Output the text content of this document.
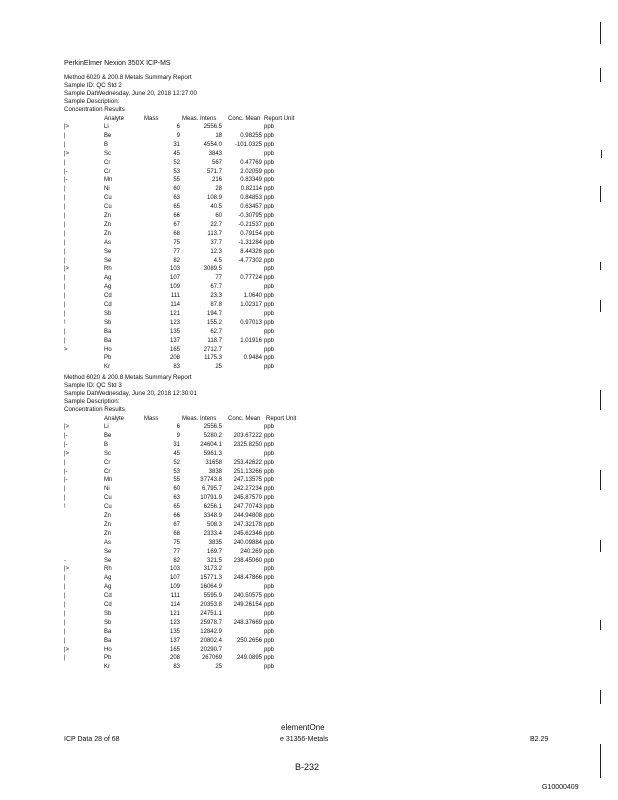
PerkinElmer Nexion 350X ICP-MS
Method 6020 & 200.8 Metals Summary Report
Sample ID: QC Std 2
Sample DatWednesday, June 20, 2018 12:27:00
Sample Description:
Concentration Results
Analyte	Mass	Meas. Intens Conc. Mean Report Unit
|>	Li	6	2556.5	ppb
|	Be	9	18	0.98255 ppb
|	B	31	4554.0	-101.0325 ppb
|>	Sc	45	3843	ppb
|	Cr	52	567	0.47769 ppb
|-	Cr	53	571.7	2.02059 ppb
|-	Mn	55	216	0.83349 ppb
|	Ni	60	28	0.82114 ppb
|	Cu	63	108.9	0.84853 ppb
|	Cu	65	40.5	0.63457 ppb
|	Zn	66	60	-0.30795 ppb
|	Zn	67	22.7	-0.21537 ppb
|	Zn	68	113.7	0.79154 ppb
|	As	75	37.7	-1.31284 ppb
|	Se	77	12.3	8.44326 ppb
|	Se	82	4.5	-4.77302 ppb
|>	Rh	103	3089.5	ppb
|	Ag	107	77	0.77724 ppb
|	Ag	109	67.7	ppb
|	Cd	111	23.3	1.0640 ppb
|	Cd	114	87.8	1.02317 ppb
|	Sb	121	194.7	ppb
!	Sb	123	155.2	0.97013 ppb
|	Ba	135	62.7	ppb
|	Ba	137	118.7	1.01916 ppb
>	Ho	165	2712.7	ppb
Pb	208	1175.3	0.9484 ppb
Kr	83	25	ppb
Method 6020 & 200.8 Metals Summary Report
Sample ID: QC Std 3
Sample DatWednesday, June 20, 2018 12:30:01
Sample Description:
Concentration Results
Analyte	Mass	Meas. Intens Conc. Mean Report Unit
|>	Li	6	2556.5	ppb
|-	Be	9	5280.2	203.67222 ppb
|-	B	31	24604.1	2325.8250 ppb
|>	Sc	45	5961.3	ppb
|	Cr	52	31658	253.42622 ppb
|-	Cr	53	3838	251.13266 ppb
|-	Mn	55	37743.8	247.13575 ppb
|	Ni	60	6,795.7	242.27234 ppb
|	Cu	63	10791.9	245.87570 ppb
!	Cu	65	6256.1	247.70743 ppb
Zn	66	3348.9	244.94808 ppb
Zn	67	508.3	247.32178 ppb
Zn	68	2333.4	245.62346 ppb
As	75	3835	240.09884 ppb
Se	77	169.7	240.269 ppb
-	Se	82	321.5	238.45060 ppb
|>	Rh	103	3173.2	ppb
|	Ag	107	15771.3	248.47866 ppb
|	Ag	109	16064.9	ppb
|	Cd	111	5595.9	240.50575 ppb
|	Cd	114	20353.8	249.26154 ppb
|	Sb	121	24751.1	ppb
|	Sb	123	25978.7	248.37669 ppb
|	Ba	135	12842.9	ppb
|	Ba	137	20802.4	250.2656 ppb
|>	Ho	165	20290.7	ppb
|	Pb	208	267069	249.0895 ppb
Kr	83	25	ppb
elementOne
ICP Data 28 of 68	e 31356-Metals	B2.29
B-232
G10000409
